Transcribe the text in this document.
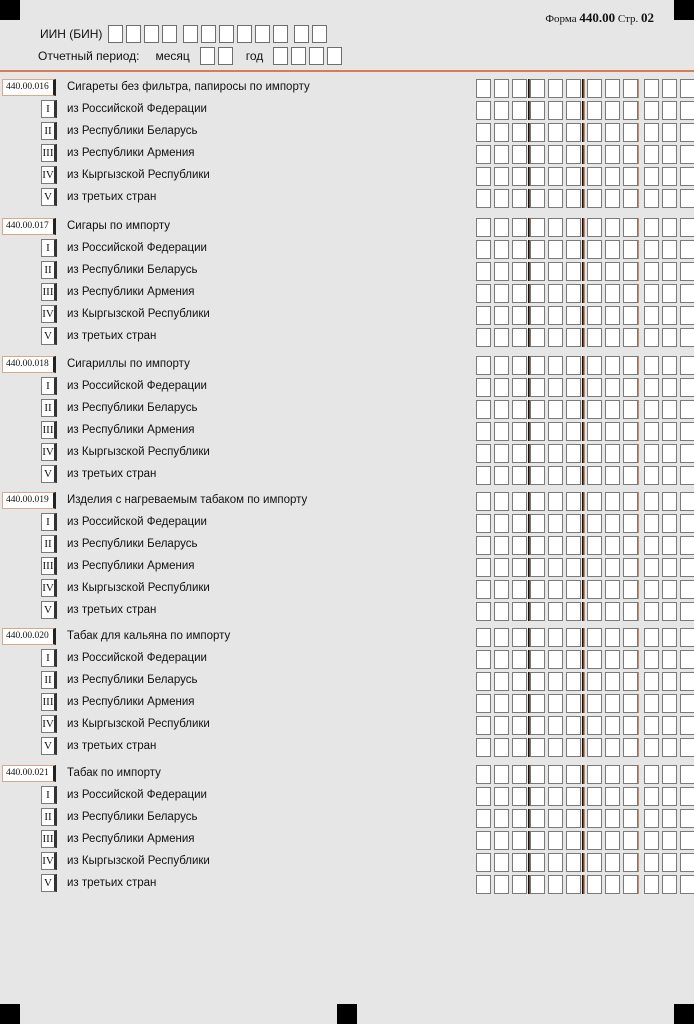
Форма 440.00 Стр. 02
ИИН (БИН)
Отчетный период: месяц	год
440.00.016	Сигареты без фильтра, папиросы по импорту
I	из Российской Федерации
II	из Республики Беларусь
III	из Республики Армения
IV из Кыргызской Республики
V	из третьих стран
440.00.017	Сигары по импорту
I	из Российской Федерации
II	из Республики Беларусь
III	из Республики Армения
IV из Кыргызской Республики
V	из третьих стран
440.00.018	Сигариллы по импорту
I	из Российской Федерации
II	из Республики Беларусь
III	из Республики Армения
IV из Кыргызской Республики
V	из третьих стран
440.00.019	Изделия с нагреваемым табаком по импорту
I	из Российской Федерации
II	из Республики Беларусь
III	из Республики Армения
IV из Кыргызской Республики
V	из третьих стран
440.00.020	Табак для кальяна по импорту
I	из Российской Федерации
II	из Республики Беларусь
III	из Республики Армения
IV из Кыргызской Республики
V	из третьих стран
440.00.021	Табак по импорту
I	из Российской Федерации
II	из Республики Беларусь
III	из Республики Армения
IV из Кыргызской Республики
V	из третьих стран
